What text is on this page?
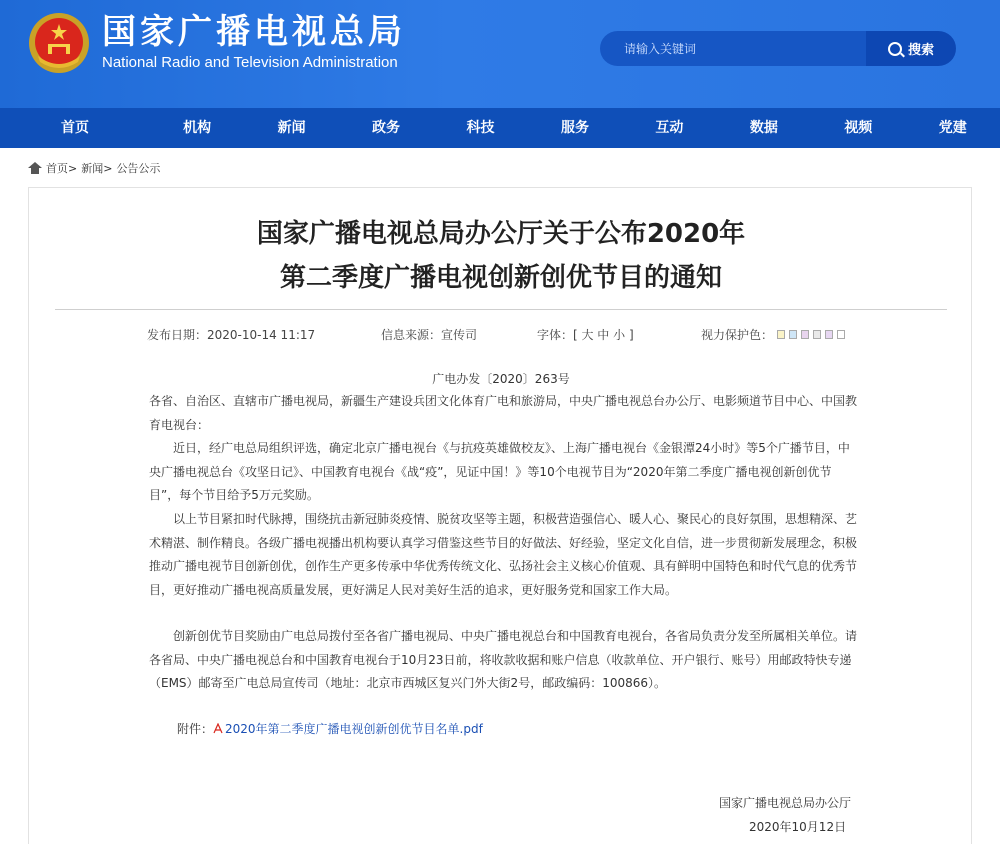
国家广播电视总局
National Radio and Television Administration
请输入关键词
搜索
首页	机构	新闻	政务	科技	服务	互动	数据	视频	党建
首页> 新闻> 公告公示
国家广播电视总局办公厅关于公布2020年
第二季度广播电视创新创优节目的通知
发布日期：2020-10-14 11:17	信息来源：宣传司	字体：[ 大 中 小 ]	视力保护色：
广电办发〔2020〕263号
各省、自治区、直辖市广播电视局，新疆生产建设兵团文化体育广电和旅游局，中央广播电视总台办公厅、电影频道节目中心、中国教育电视台：
近日，经广电总局组织评选，确定北京广播电视台《与抗疫英雄做校友》、上海广播电视台《金银潭24小时》等5个广播节目，中央广播电视总台《攻坚日记》、中国教育电视台《战“疫”，见证中国！》等10个电视节目为“2020年第二季度广播电视创新创优节目”，每个节目给予5万元奖励。
以上节目紧扣时代脉搏，围绕抗击新冠肺炎疫情、脱贫攻坚等主题，积极营造强信心、暖人心、聚民心的良好氛围，思想精深、艺术精湛、制作精良。各级广播电视播出机构要认真学习借鉴这些节目的好做法、好经验，坚定文化自信，进一步贯彻新发展理念，积极推动广播电视节目创新创优，创作生产更多传承中华优秀传统文化、弘扬社会主义核心价值观、具有鲜明中国特色和时代气息的优秀节目，更好推动广播电视高质量发展，更好满足人民对美好生活的追求，更好服务党和国家工作大局。
创新创优节目奖励由广电总局拨付至各省广播电视局、中央广播电视总台和中国教育电视台，各省局负责分发至所属相关单位。请各省局、中央广播电视总台和中国教育电视台于10月23日前，将收款收据和账户信息（收款单位、开户银行、账号）用邮政特快专递（EMS）邮寄至广电总局宣传司（地址：北京市西城区复兴门外大街2号，邮政编码：100866）。
附件： 2020年第二季度广播电视创新创优节目名单.pdf
国家广播电视总局办公厅
2020年10月12日
